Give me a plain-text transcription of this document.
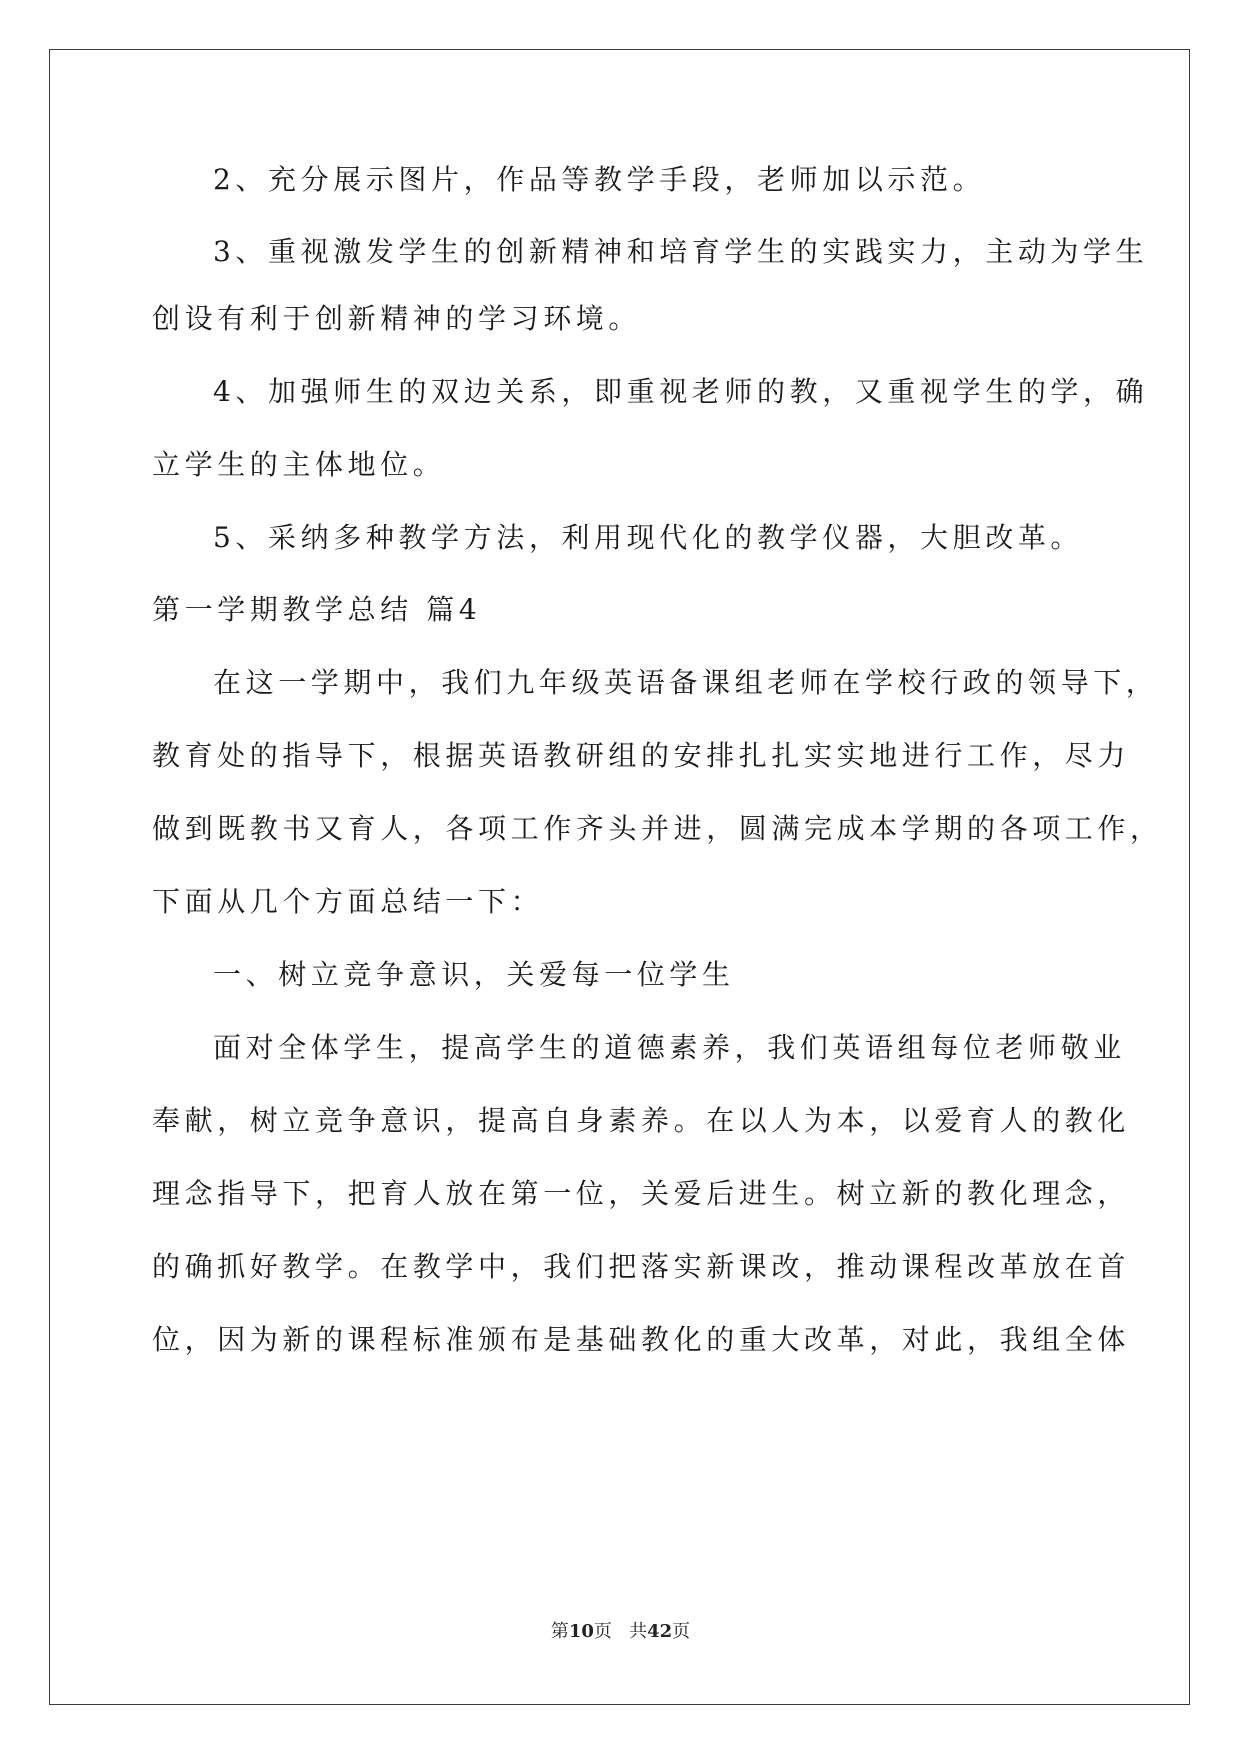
2、充分展示图片，作品等教学手段，老师加以示范。
3、重视激发学生的创新精神和培育学生的实践实力，主动为学生
创设有利于创新精神的学习环境。
4、加强师生的双边关系，即重视老师的教，又重视学生的学，确
立学生的主体地位。
5、采纳多种教学方法，利用现代化的教学仪器，大胆改革。
第一学期教学总结 篇4
在这一学期中，我们九年级英语备课组老师在学校行政的领导下，
教育处的指导下，根据英语教研组的安排扎扎实实地进行工作，尽力
做到既教书又育人，各项工作齐头并进，圆满完成本学期的各项工作，
下面从几个方面总结一下：
一、树立竞争意识，关爱每一位学生
面对全体学生，提高学生的道德素养，我们英语组每位老师敬业
奉献，树立竞争意识，提高自身素养。在以人为本，以爱育人的教化
理念指导下，把育人放在第一位，关爱后进生。树立新的教化理念，
的确抓好教学。在教学中，我们把落实新课改，推动课程改革放在首
位，因为新的课程标准颁布是基础教化的重大改革，对此，我组全体
第10页   共42页
